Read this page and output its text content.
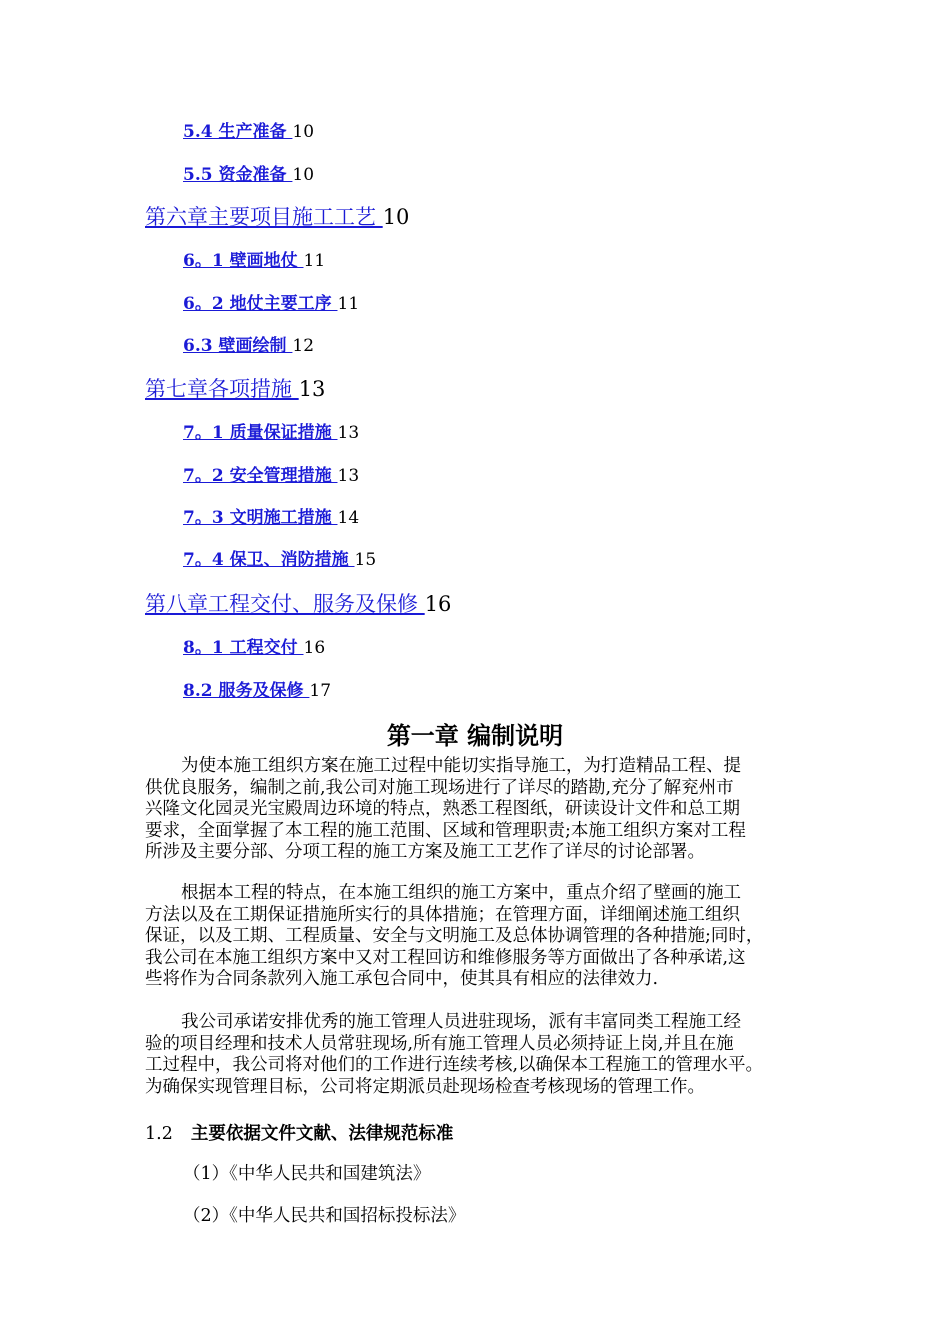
5.4 生产准备 10
5.5 资金准备 10
第六章主要项目施工工艺 10
6。1 壁画地仗 11
6。2 地仗主要工序 11
6.3 壁画绘制 12
第七章各项措施 13
7。1 质量保证措施 13
7。2 安全管理措施 13
7。3 文明施工措施 14
7。4 保卫、消防措施 15
第八章工程交付、服务及保修 16
8。1 工程交付 16
8.2 服务及保修 17
第一章 编制说明

为使本施工组织方案在施工过程中能切实指导施工，为打造精品工程、提
供优良服务，编制之前,我公司对施工现场进行了详尽的踏勘,充分了解兖州市
兴隆文化园灵光宝殿周边环境的特点，熟悉工程图纸，研读设计文件和总工期
要求，全面掌握了本工程的施工范围、区域和管理职责;本施工组织方案对工程
所涉及主要分部、分项工程的施工方案及施工工艺作了详尽的讨论部署。

根据本工程的特点，在本施工组织的施工方案中，重点介绍了壁画的施工
方法以及在工期保证措施所实行的具体措施；在管理方面，详细阐述施工组织
保证，以及工期、工程质量、安全与文明施工及总体协调管理的各种措施;同时，
我公司在本施工组织方案中又对工程回访和维修服务等方面做出了各种承诺,这
些将作为合同条款列入施工承包合同中，使其具有相应的法律效力.

我公司承诺安排优秀的施工管理人员进驻现场，派有丰富同类工程施工经
验的项目经理和技术人员常驻现场,所有施工管理人员必须持证上岗,并且在施
工过程中，我公司将对他们的工作进行连续考核,以确保本工程施工的管理水平。
为确保实现管理目标，公司将定期派员赴现场检查考核现场的管理工作。

1.2 主要依据文件文献、法律规范标准
（1）《中华人民共和国建筑法》
（2）《中华人民共和国招标投标法》
